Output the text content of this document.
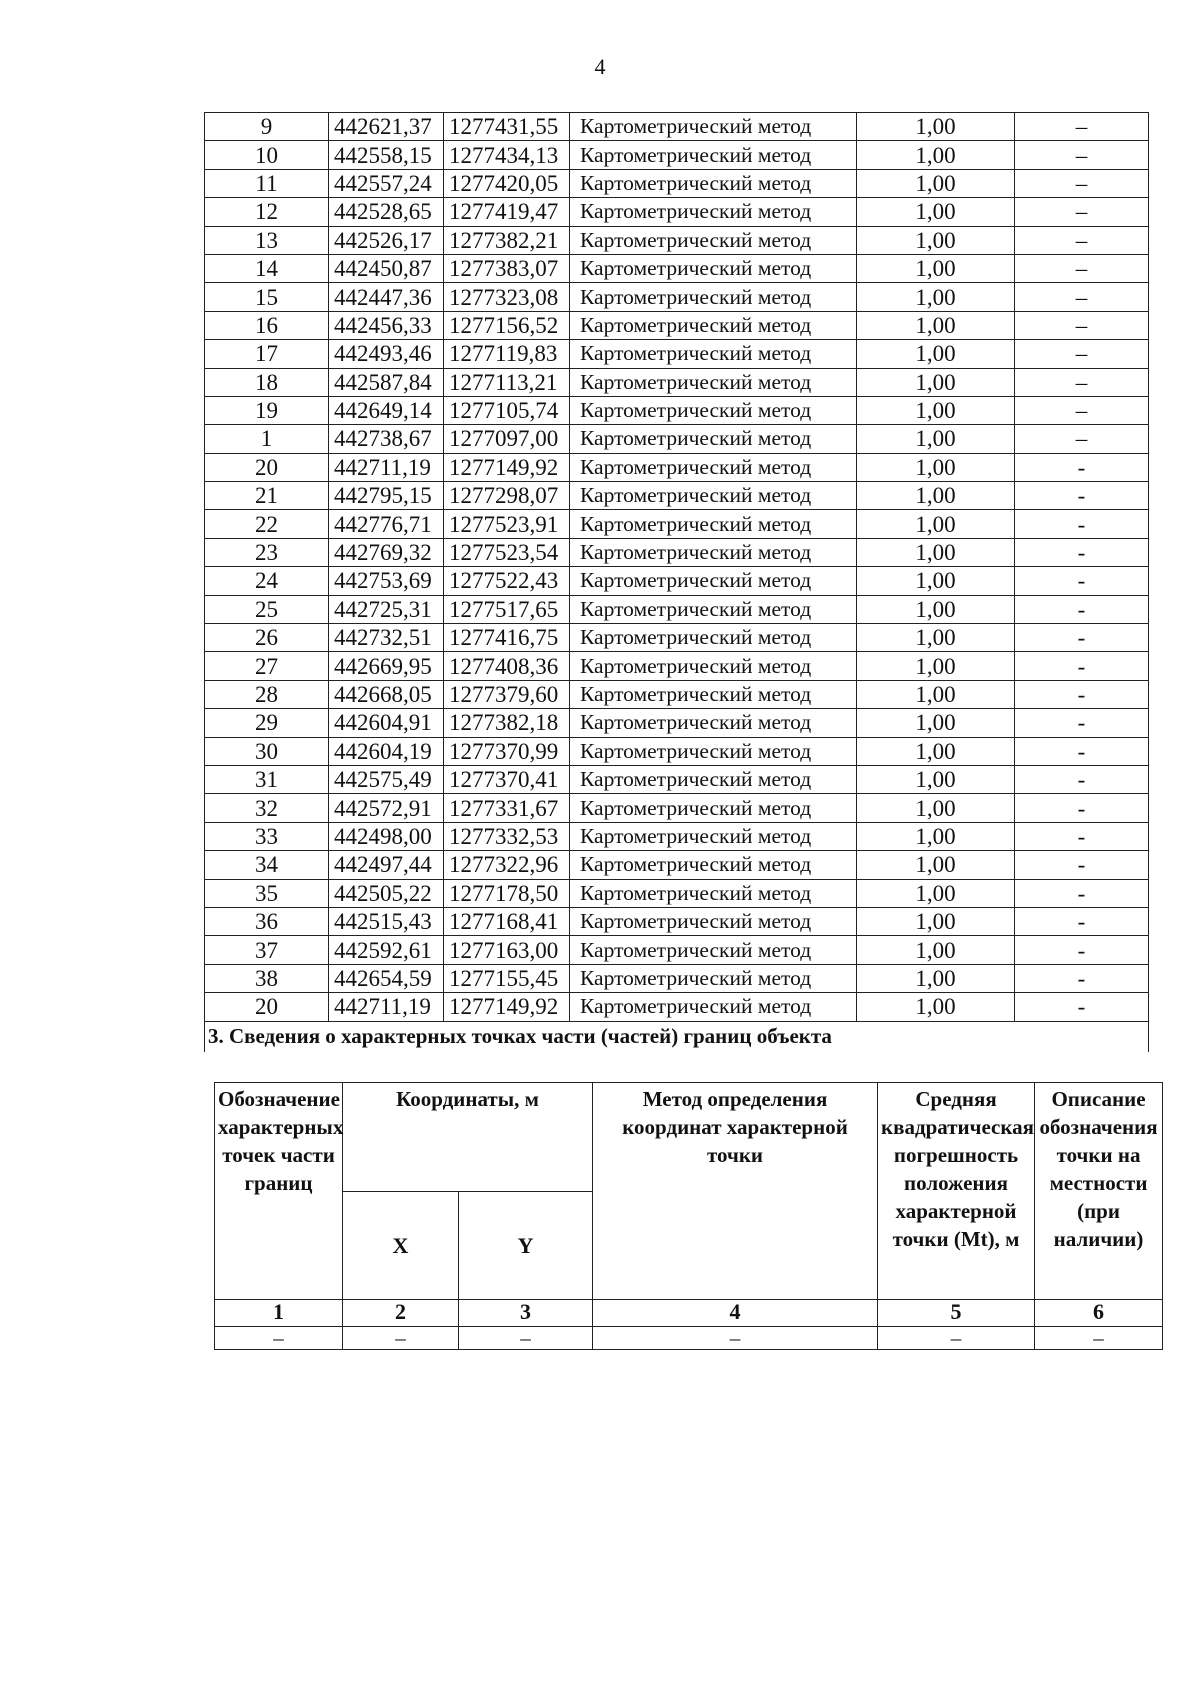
4
9	442621,37	1277431,55	Картометрический метод	1,00	–
10	442558,15	1277434,13	Картометрический метод	1,00	–
11	442557,24	1277420,05	Картометрический метод	1,00	–
12	442528,65	1277419,47	Картометрический метод	1,00	–
13	442526,17	1277382,21	Картометрический метод	1,00	–
14	442450,87	1277383,07	Картометрический метод	1,00	–
15	442447,36	1277323,08	Картометрический метод	1,00	–
16	442456,33	1277156,52	Картометрический метод	1,00	–
17	442493,46	1277119,83	Картометрический метод	1,00	–
18	442587,84	1277113,21	Картометрический метод	1,00	–
19	442649,14	1277105,74	Картометрический метод	1,00	–
1	442738,67	1277097,00	Картометрический метод	1,00	–
20	442711,19	1277149,92	Картометрический метод	1,00	-
21	442795,15	1277298,07	Картометрический метод	1,00	-
22	442776,71	1277523,91	Картометрический метод	1,00	-
23	442769,32	1277523,54	Картометрический метод	1,00	-
24	442753,69	1277522,43	Картометрический метод	1,00	-
25	442725,31	1277517,65	Картометрический метод	1,00	-
26	442732,51	1277416,75	Картометрический метод	1,00	-
27	442669,95	1277408,36	Картометрический метод	1,00	-
28	442668,05	1277379,60	Картометрический метод	1,00	-
29	442604,91	1277382,18	Картометрический метод	1,00	-
30	442604,19	1277370,99	Картометрический метод	1,00	-
31	442575,49	1277370,41	Картометрический метод	1,00	-
32	442572,91	1277331,67	Картометрический метод	1,00	-
33	442498,00	1277332,53	Картометрический метод	1,00	-
34	442497,44	1277322,96	Картометрический метод	1,00	-
35	442505,22	1277178,50	Картометрический метод	1,00	-
36	442515,43	1277168,41	Картометрический метод	1,00	-
37	442592,61	1277163,00	Картометрический метод	1,00	-
38	442654,59	1277155,45	Картометрический метод	1,00	-
20	442711,19	1277149,92	Картометрический метод	1,00	-
3. Сведения о характерных точках части (частей) границ объекта					
Обозначение характерных точек части границ	Координаты, м		Метод определения координат характерной точки	Средняя квадратическая погрешность положения характерной точки (Mt), м	Описание обозначения точки на местности (при наличии)
	X	Y			
1	2	3	4	5	6
–	–	–	–	–	–
